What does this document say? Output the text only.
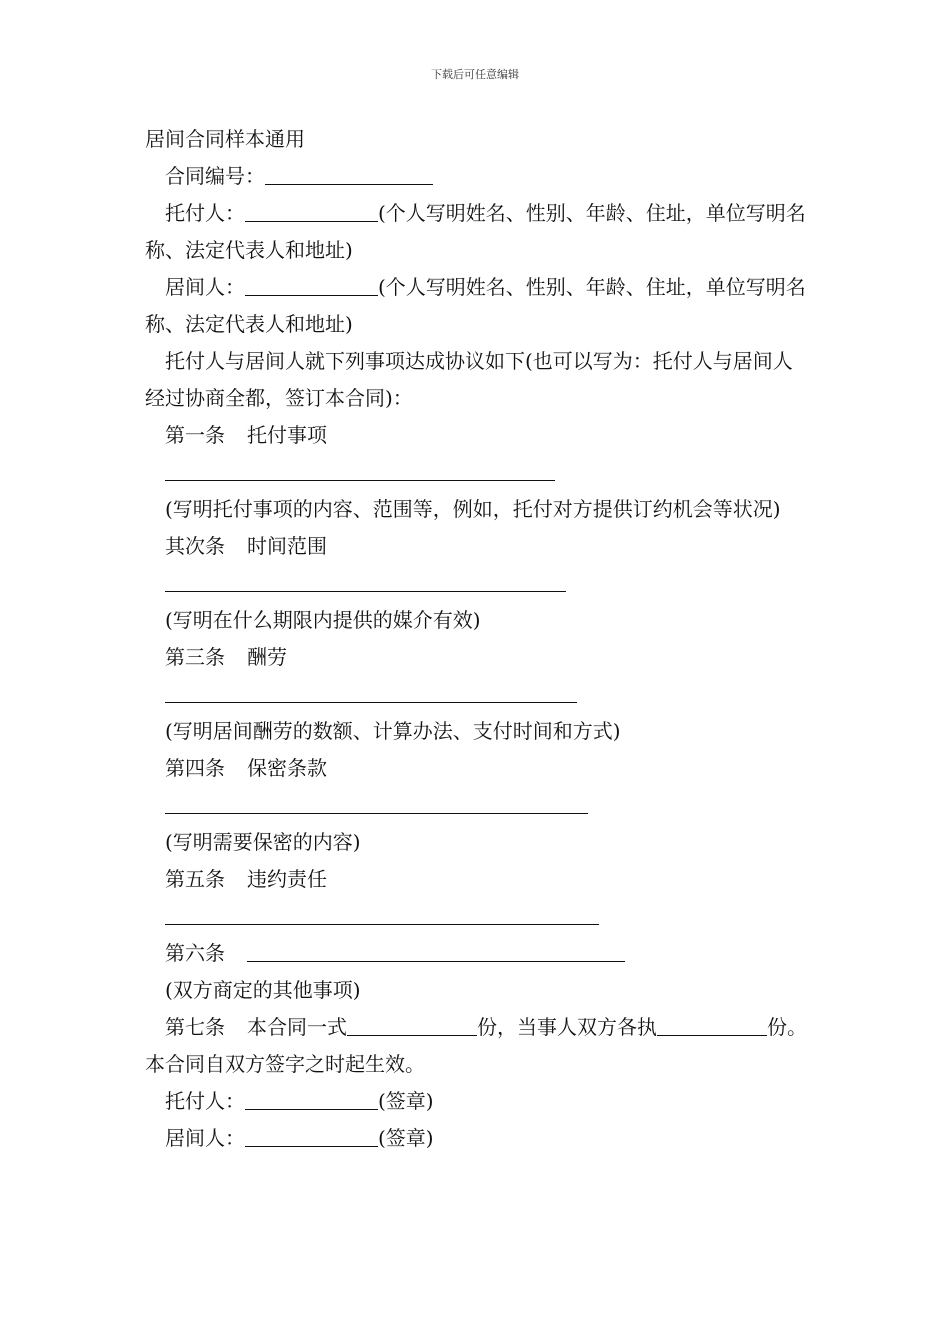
下载后可任意编辑

居间合同样本通用

合同编号：

托付人：	(个人写明姓名、性别、年龄、住址，单位写明名称、法定代表人和地址)

居间人：	(个人写明姓名、性别、年龄、住址，单位写明名称、法定代表人和地址)

托付人与居间人就下列事项达成协议如下(也可以写为：托付人与居间人经过协商全都，签订本合同)：

第一条 托付事项

(写明托付事项的内容、范围等，例如，托付对方提供订约机会等状况)

其次条 时间范围

(写明在什么期限内提供的媒介有效)

第三条 酬劳

(写明居间酬劳的数额、计算办法、支付时间和方式)

第四条 保密条款

(写明需要保密的内容)

第五条 违约责任

第六条

(双方商定的其他事项)

第七条 本合同一式	份，当事人双方各执	份。本合同自双方签字之时起生效。

托付人：	(签章)

居间人：	(签章)
